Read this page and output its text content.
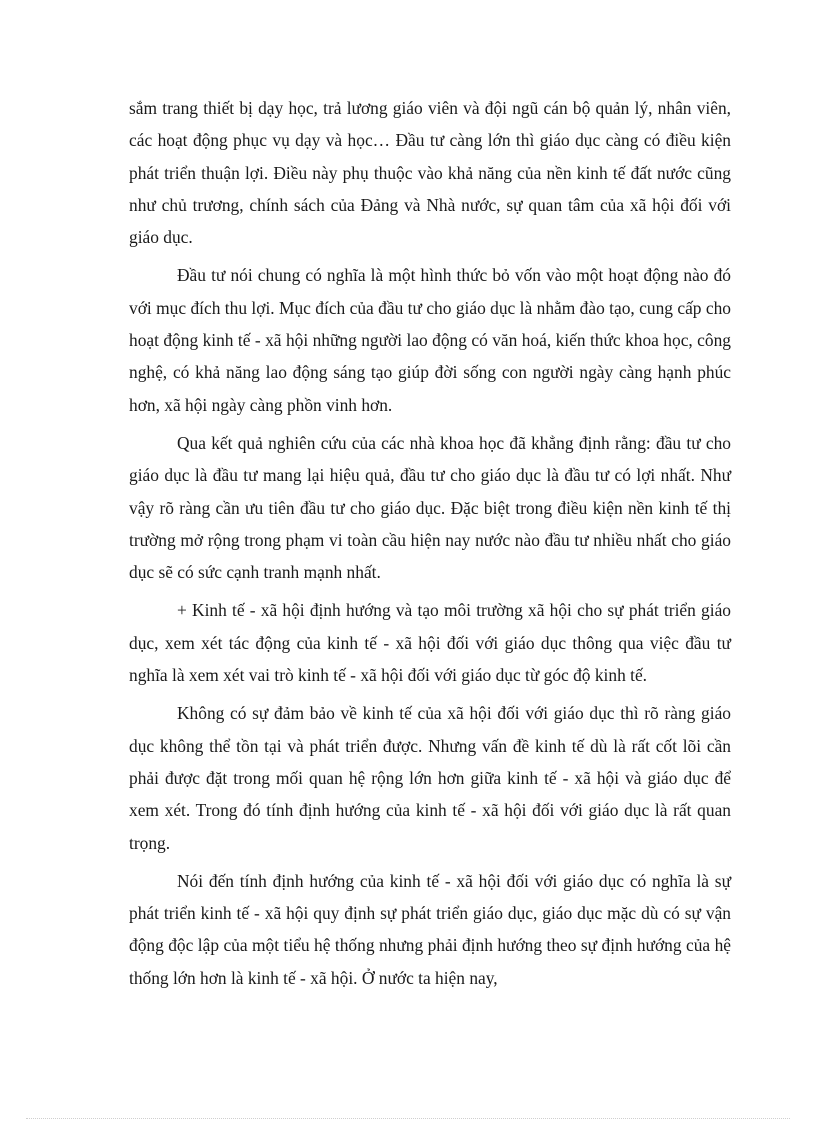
sắm trang thiết bị dạy học, trả lương giáo viên và đội ngũ cán bộ quản lý, nhân viên, các hoạt động phục vụ dạy và học… Đầu tư càng lớn thì giáo dục càng có điều kiện phát triển thuận lợi. Điều này phụ thuộc vào khả năng của nền kinh tế đất nước cũng như chủ trương, chính sách của Đảng và Nhà nước, sự quan tâm của xã hội đối với giáo dục.

Đầu tư nói chung có nghĩa là một hình thức bỏ vốn vào một hoạt động nào đó với mục đích thu lợi. Mục đích của đầu tư cho giáo dục là nhằm đào tạo, cung cấp cho hoạt động kinh tế - xã hội những người lao động có văn hoá, kiến thức khoa học, công nghệ, có khả năng lao động sáng tạo giúp đời sống con người ngày càng hạnh phúc hơn, xã hội ngày càng phồn vinh hơn.

Qua kết quả nghiên cứu của các nhà khoa học đã khẳng định rằng: đầu tư cho giáo dục là đầu tư mang lại hiệu quả, đầu tư cho giáo dục là đầu tư có lợi nhất. Như vậy rõ ràng cần ưu tiên đầu tư cho giáo dục. Đặc biệt trong điều kiện nền kinh tế thị trường mở rộng trong phạm vi toàn cầu hiện nay nước nào đầu tư nhiều nhất cho giáo dục sẽ có sức cạnh tranh mạnh nhất.

+ Kinh tế - xã hội định hướng và tạo môi trường xã hội cho sự phát triển giáo dục, xem xét tác động của kinh tế - xã hội đối với giáo dục thông qua việc đầu tư nghĩa là xem xét vai trò kinh tế - xã hội đối với giáo dục từ góc độ kinh tế.

Không có sự đảm bảo về kinh tế của xã hội đối với giáo dục thì rõ ràng giáo dục không thể tồn tại và phát triển được. Nhưng vấn đề kinh tế dù là rất cốt lõi cần phải được đặt trong mối quan hệ rộng lớn hơn giữa kinh tế - xã hội và giáo dục để xem xét. Trong đó tính định hướng của kinh tế - xã hội đối với giáo dục là rất quan trọng.

Nói đến tính định hướng của kinh tế - xã hội đối với giáo dục có nghĩa là sự phát triển kinh tế - xã hội quy định sự phát triển giáo dục, giáo dục mặc dù có sự vận động độc lập của một tiểu hệ thống nhưng phải định hướng theo sự định hướng của hệ thống lớn hơn là kinh tế - xã hội. Ở nước ta hiện nay,
